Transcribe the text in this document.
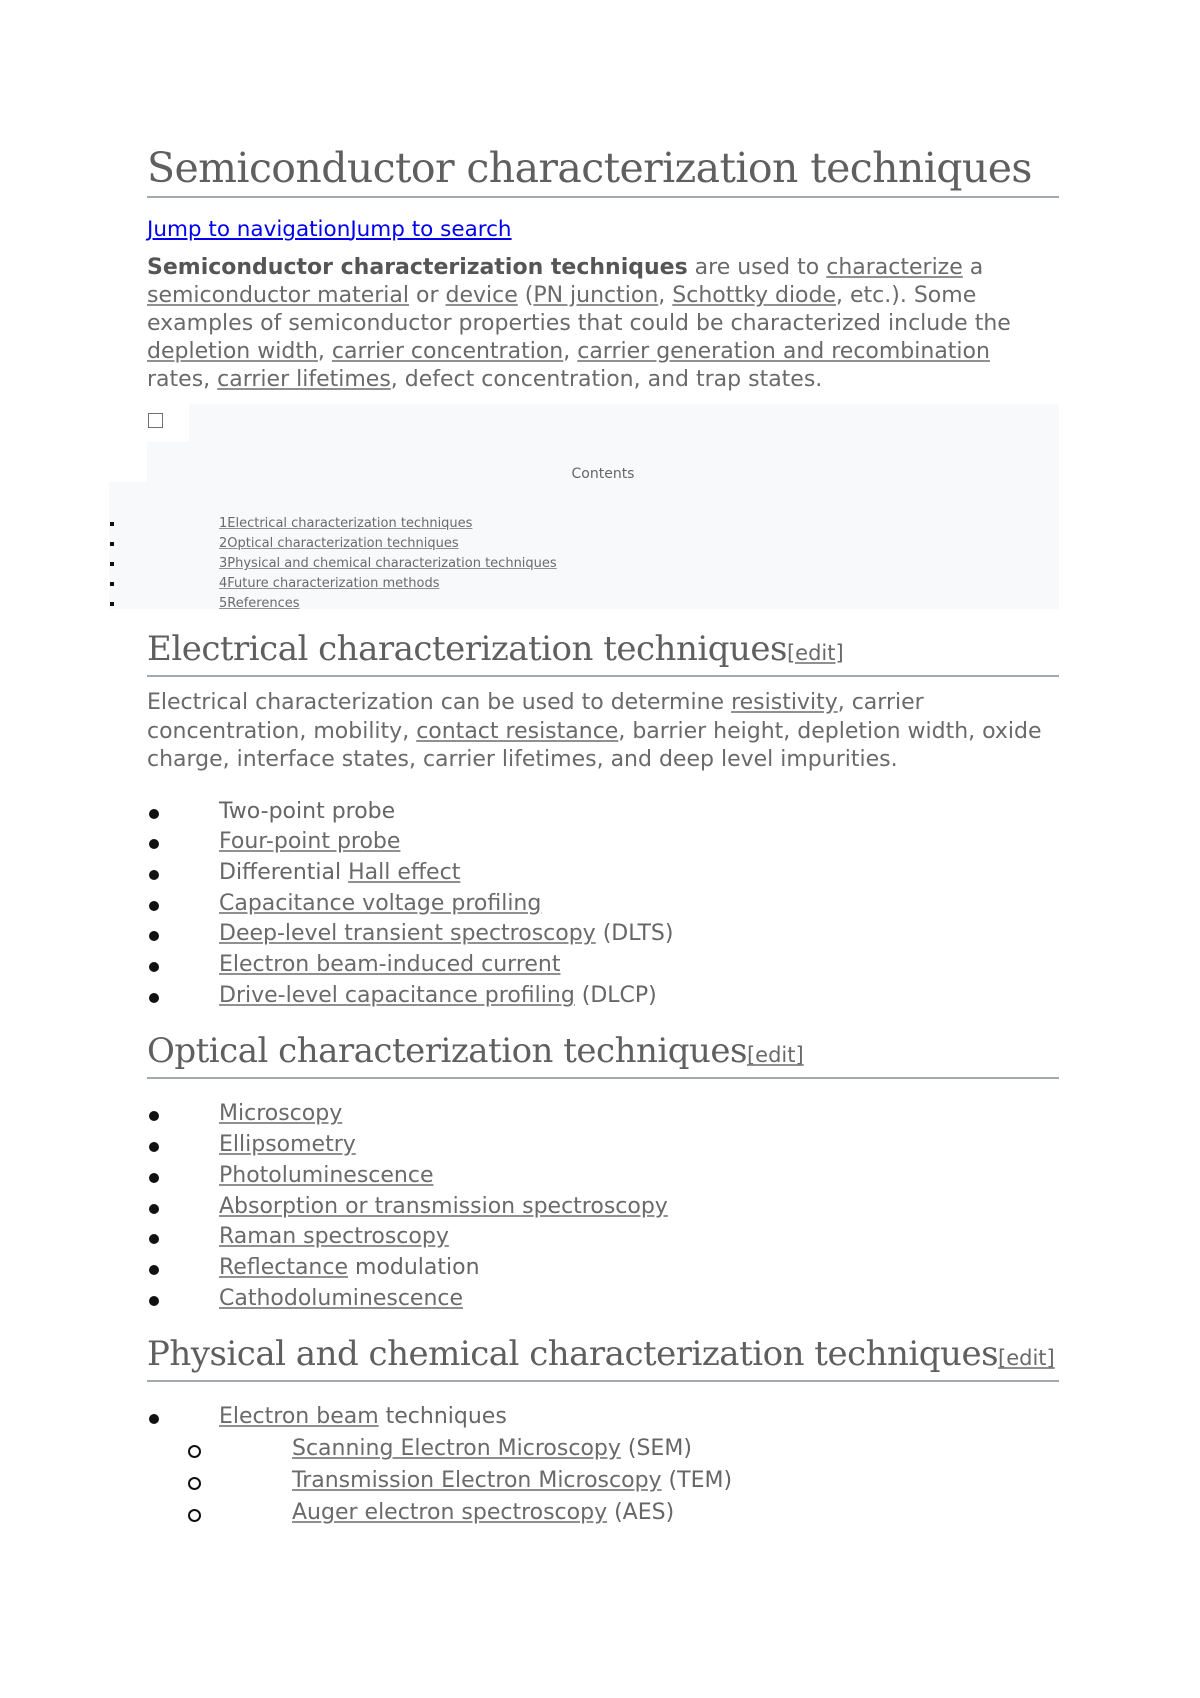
Semiconductor characterization techniques
Jump to navigationJump to search
Semiconductor characterization techniques are used to characterize a semiconductor material or device (PN junction, Schottky diode, etc.). Some examples of semiconductor properties that could be characterized include the depletion width, carrier concentration, carrier generation and recombination rates, carrier lifetimes, defect concentration, and trap states.
Contents
1Electrical characterization techniques
2Optical characterization techniques
3Physical and chemical characterization techniques
4Future characterization methods
5References
Electrical characterization techniques[edit]
Electrical characterization can be used to determine resistivity, carrier concentration, mobility, contact resistance, barrier height, depletion width, oxide charge, interface states, carrier lifetimes, and deep level impurities.
Two-point probe
Four-point probe
Differential Hall effect
Capacitance voltage profiling
Deep-level transient spectroscopy (DLTS)
Electron beam-induced current
Drive-level capacitance profiling (DLCP)
Optical characterization techniques[edit]
Microscopy
Ellipsometry
Photoluminescence
Absorption or transmission spectroscopy
Raman spectroscopy
Reflectance modulation
Cathodoluminescence
Physical and chemical characterization techniques[edit]
Electron beam techniques
Scanning Electron Microscopy (SEM)
Transmission Electron Microscopy (TEM)
Auger electron spectroscopy (AES)
